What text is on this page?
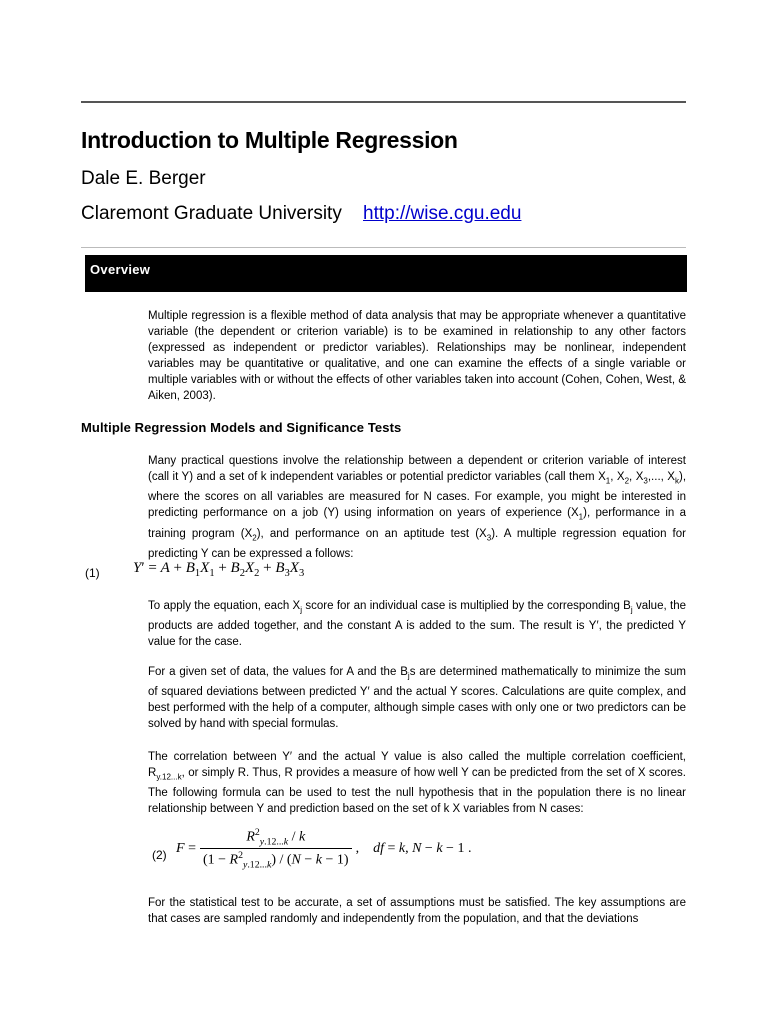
Introduction to Multiple Regression
Dale E. Berger
Claremont Graduate University http://wise.cgu.edu
Overview
Multiple regression is a flexible method of data analysis that may be appropriate whenever a quantitative variable (the dependent or criterion variable) is to be examined in relationship to any other factors (expressed as independent or predictor variables). Relationships may be nonlinear, independent variables may be quantitative or qualitative, and one can examine the effects of a single variable or multiple variables with or without the effects of other variables taken into account (Cohen, Cohen, West, & Aiken, 2003).
Multiple Regression Models and Significance Tests
Many practical questions involve the relationship between a dependent or criterion variable of interest (call it Y) and a set of k independent variables or potential predictor variables (call them $X_1$, $X_2$, $X_3$,..., $X_k$), where the scores on all variables are measured for N cases. For example, you might be interested in predicting performance on a job (Y) using information on years of experience $(X_1)$, performance in a training program $(X_2)$, and performance on an aptitude test $(X_3)$. A multiple regression equation for predicting Y can be expressed a follows:
(1) $Y' = A + B_1X_1 + B_2X_2 + B_3X_3$
To apply the equation, each $X_j$ score for an individual case is multiplied by the corresponding $B_j$ value, the products are added together, and the constant A is added to the sum. The result is Y′, the predicted Y value for the case.
For a given set of data, the values for A and the $B_js$ are determined mathematically to minimize the sum of squared deviations between predicted Y′ and the actual Y scores. Calculations are quite complex, and best performed with the help of a computer, although simple cases with only one or two predictors can be solved by hand with special formulas.
The correlation between Y′ and the actual Y value is also called the multiple correlation coefficient, $R_{y.12...k}$, or simply R. Thus, R provides a measure of how well Y can be predicted from the set of X scores. The following formula can be used to test the null hypothesis that in the population there is no linear relationship between Y and prediction based on the set of k X variables from N cases:
(2) $F = \frac{R^2_{y.12...k} / k}{(1 - R^2_{y.12...k}) / (N - k - 1)}$ ,    df = k, N − k − 1 .
For the statistical test to be accurate, a set of assumptions must be satisfied. The key assumptions are that cases are sampled randomly and independently from the population, and that the deviations
